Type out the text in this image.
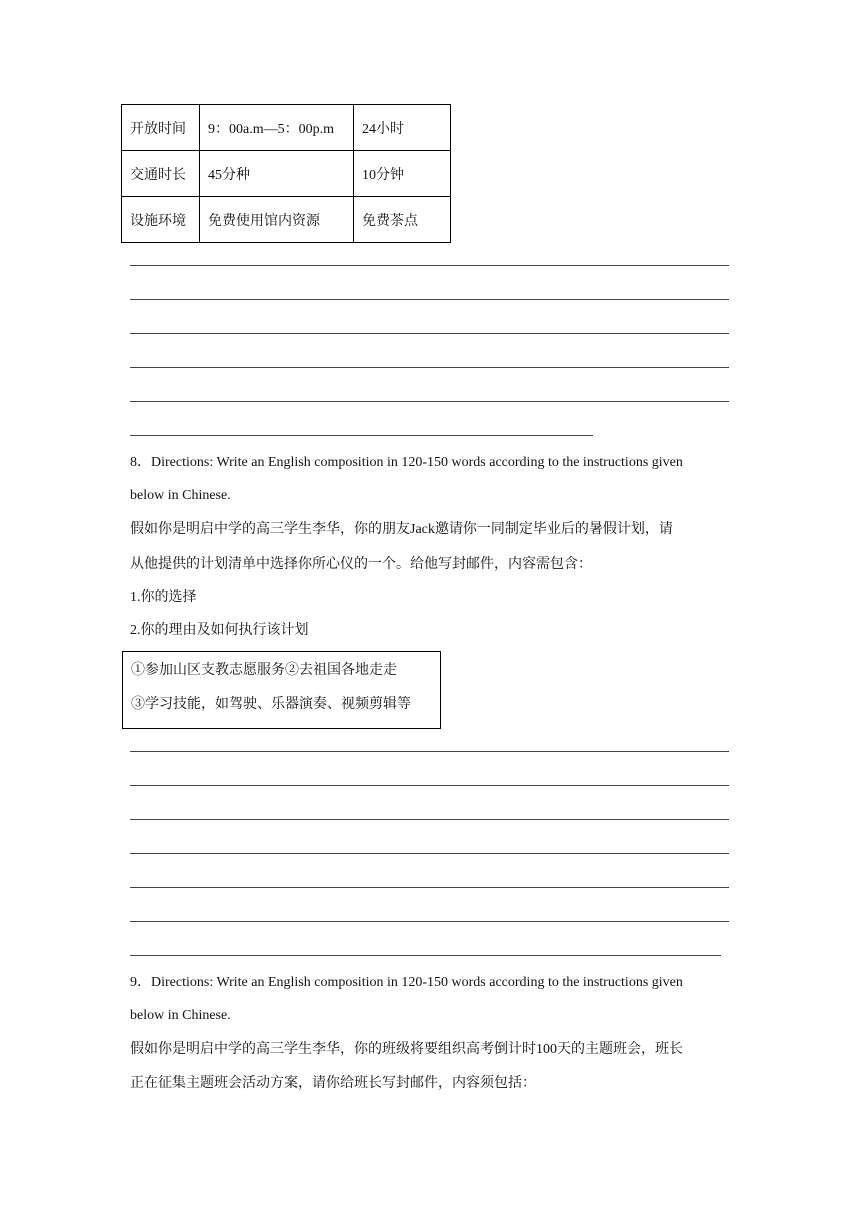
开放时间	9：00a.m—5：00p.m	24小时
交通时长	45分种	10分钟
设施环境	免费使用馆内资源	免费茶点
8．Directions: Write an English composition in 120-150 words according to the instructions given
below in Chinese.
假如你是明启中学的高三学生李华，你的朋友Jack邀请你一同制定毕业后的暑假计划，请
从他提供的计划清单中选择你所心仪的一个。给他写封邮件，内容需包含：
1.你的选择
2.你的理由及如何执行该计划
①参加山区支教志愿服务②去祖国各地走走
③学习技能，如驾驶、乐器演奏、视频剪辑等
9．Directions: Write an English composition in 120-150 words according to the instructions given
below in Chinese.
假如你是明启中学的高三学生李华，你的班级将要组织高考倒计时100天的主题班会，班长
正在征集主题班会活动方案，请你给班长写封邮件，内容须包括：
